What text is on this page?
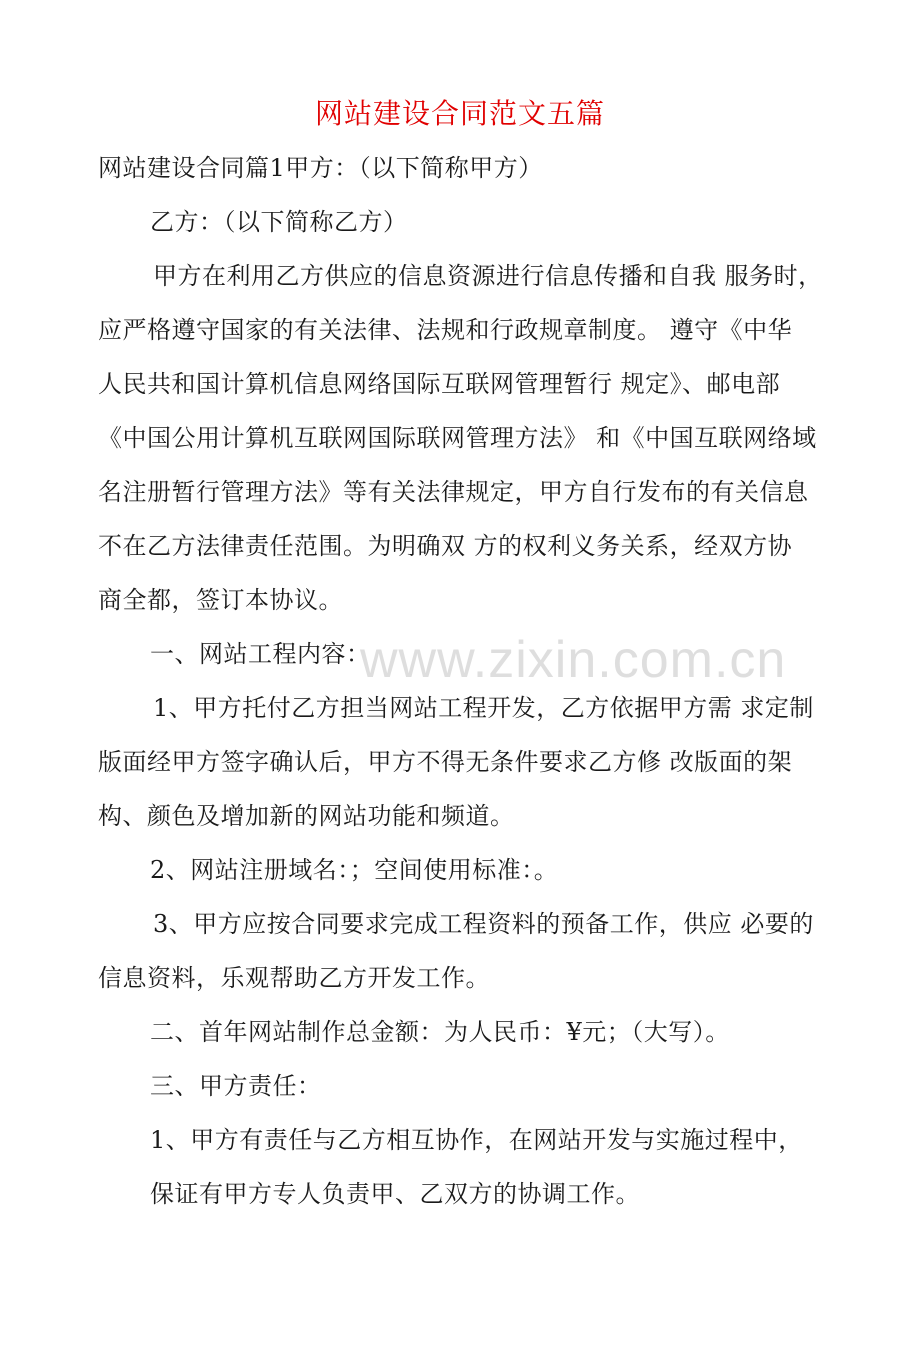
网站建设合同范文五篇
网站建设合同篇1甲方：（以下简称甲方）
乙方：（以下简称乙方）
甲方在利用乙方供应的信息资源进行信息传播和自我 服务时，
应严格遵守国家的有关法律、法规和行政规章制度。 遵守《中华
人民共和国计算机信息网络国际互联网管理暂行 规定》、邮电部
《中国公用计算机互联网国际联网管理方法》 和《中国互联网络域
名注册暂行管理方法》等有关法律规定，甲方自行发布的有关信息
不在乙方法律责任范围。为明确双 方的权利义务关系，经双方协
商全都，签订本协议。
一、网站工程内容：
1、甲方托付乙方担当网站工程开发，乙方依据甲方需 求定制
版面经甲方签字确认后，甲方不得无条件要求乙方修 改版面的架
构、颜色及增加新的网站功能和频道。
2、网站注册域名：；空间使用标准：。
3、甲方应按合同要求完成工程资料的预备工作，供应 必要的
信息资料，乐观帮助乙方开发工作。
二、首年网站制作总金额：为人民币：¥元；（大写）。
三、甲方责任：
1、甲方有责任与乙方相互协作，在网站开发与实施过程中，
保证有甲方专人负责甲、乙双方的协调工作。
www.zixin.com.cn
